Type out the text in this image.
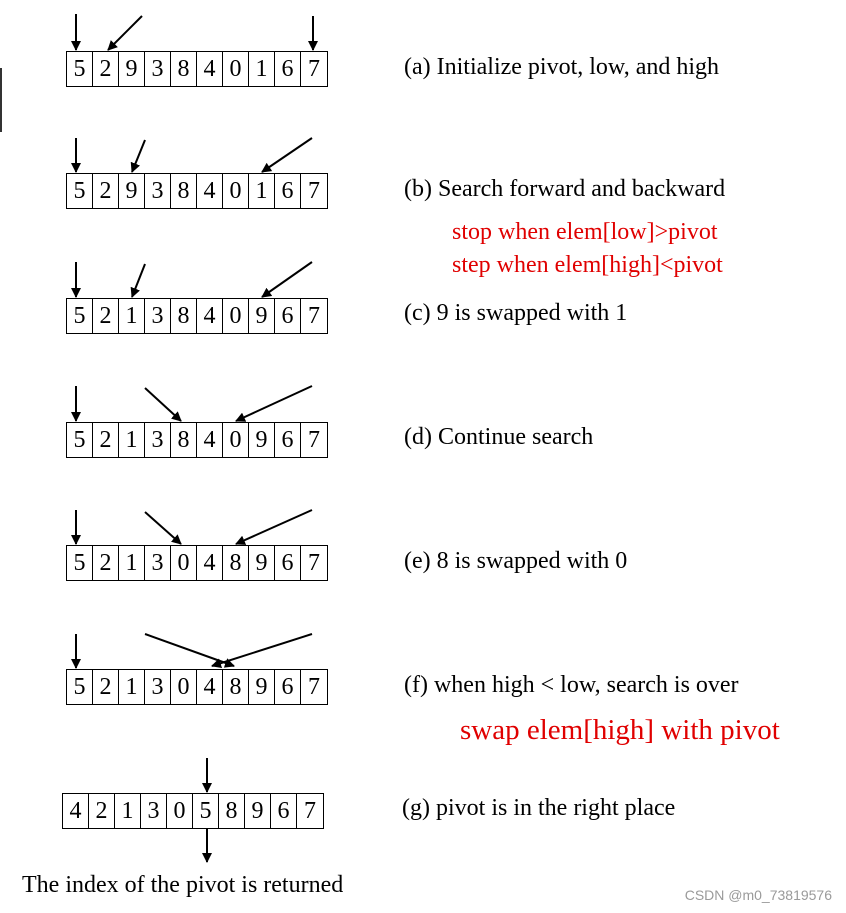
5 2 9 3 8 4 0 1 6 7	(a) Initialize pivot, low, and high
5 2 9 3 8 4 0 1 6 7	(b) Search forward and backward
stop when elem[low]>pivot
step when elem[high]<pivot
5 2 1 3 8 4 0 9 6 7	(c) 9 is swapped with 1
5 2 1 3 8 4 0 9 6 7	(d) Continue search
5 2 1 3 0 4 8 9 6 7	(e) 8 is swapped with 0
5 2 1 3 0 4 8 9 6 7	(f) when high < low, search is over
swap elem[high] with pivot
4 2 1 3 0 5 8 9 6 7	(g) pivot is in the right place
The index of the pivot is returned	CSDN @m0_73819576
